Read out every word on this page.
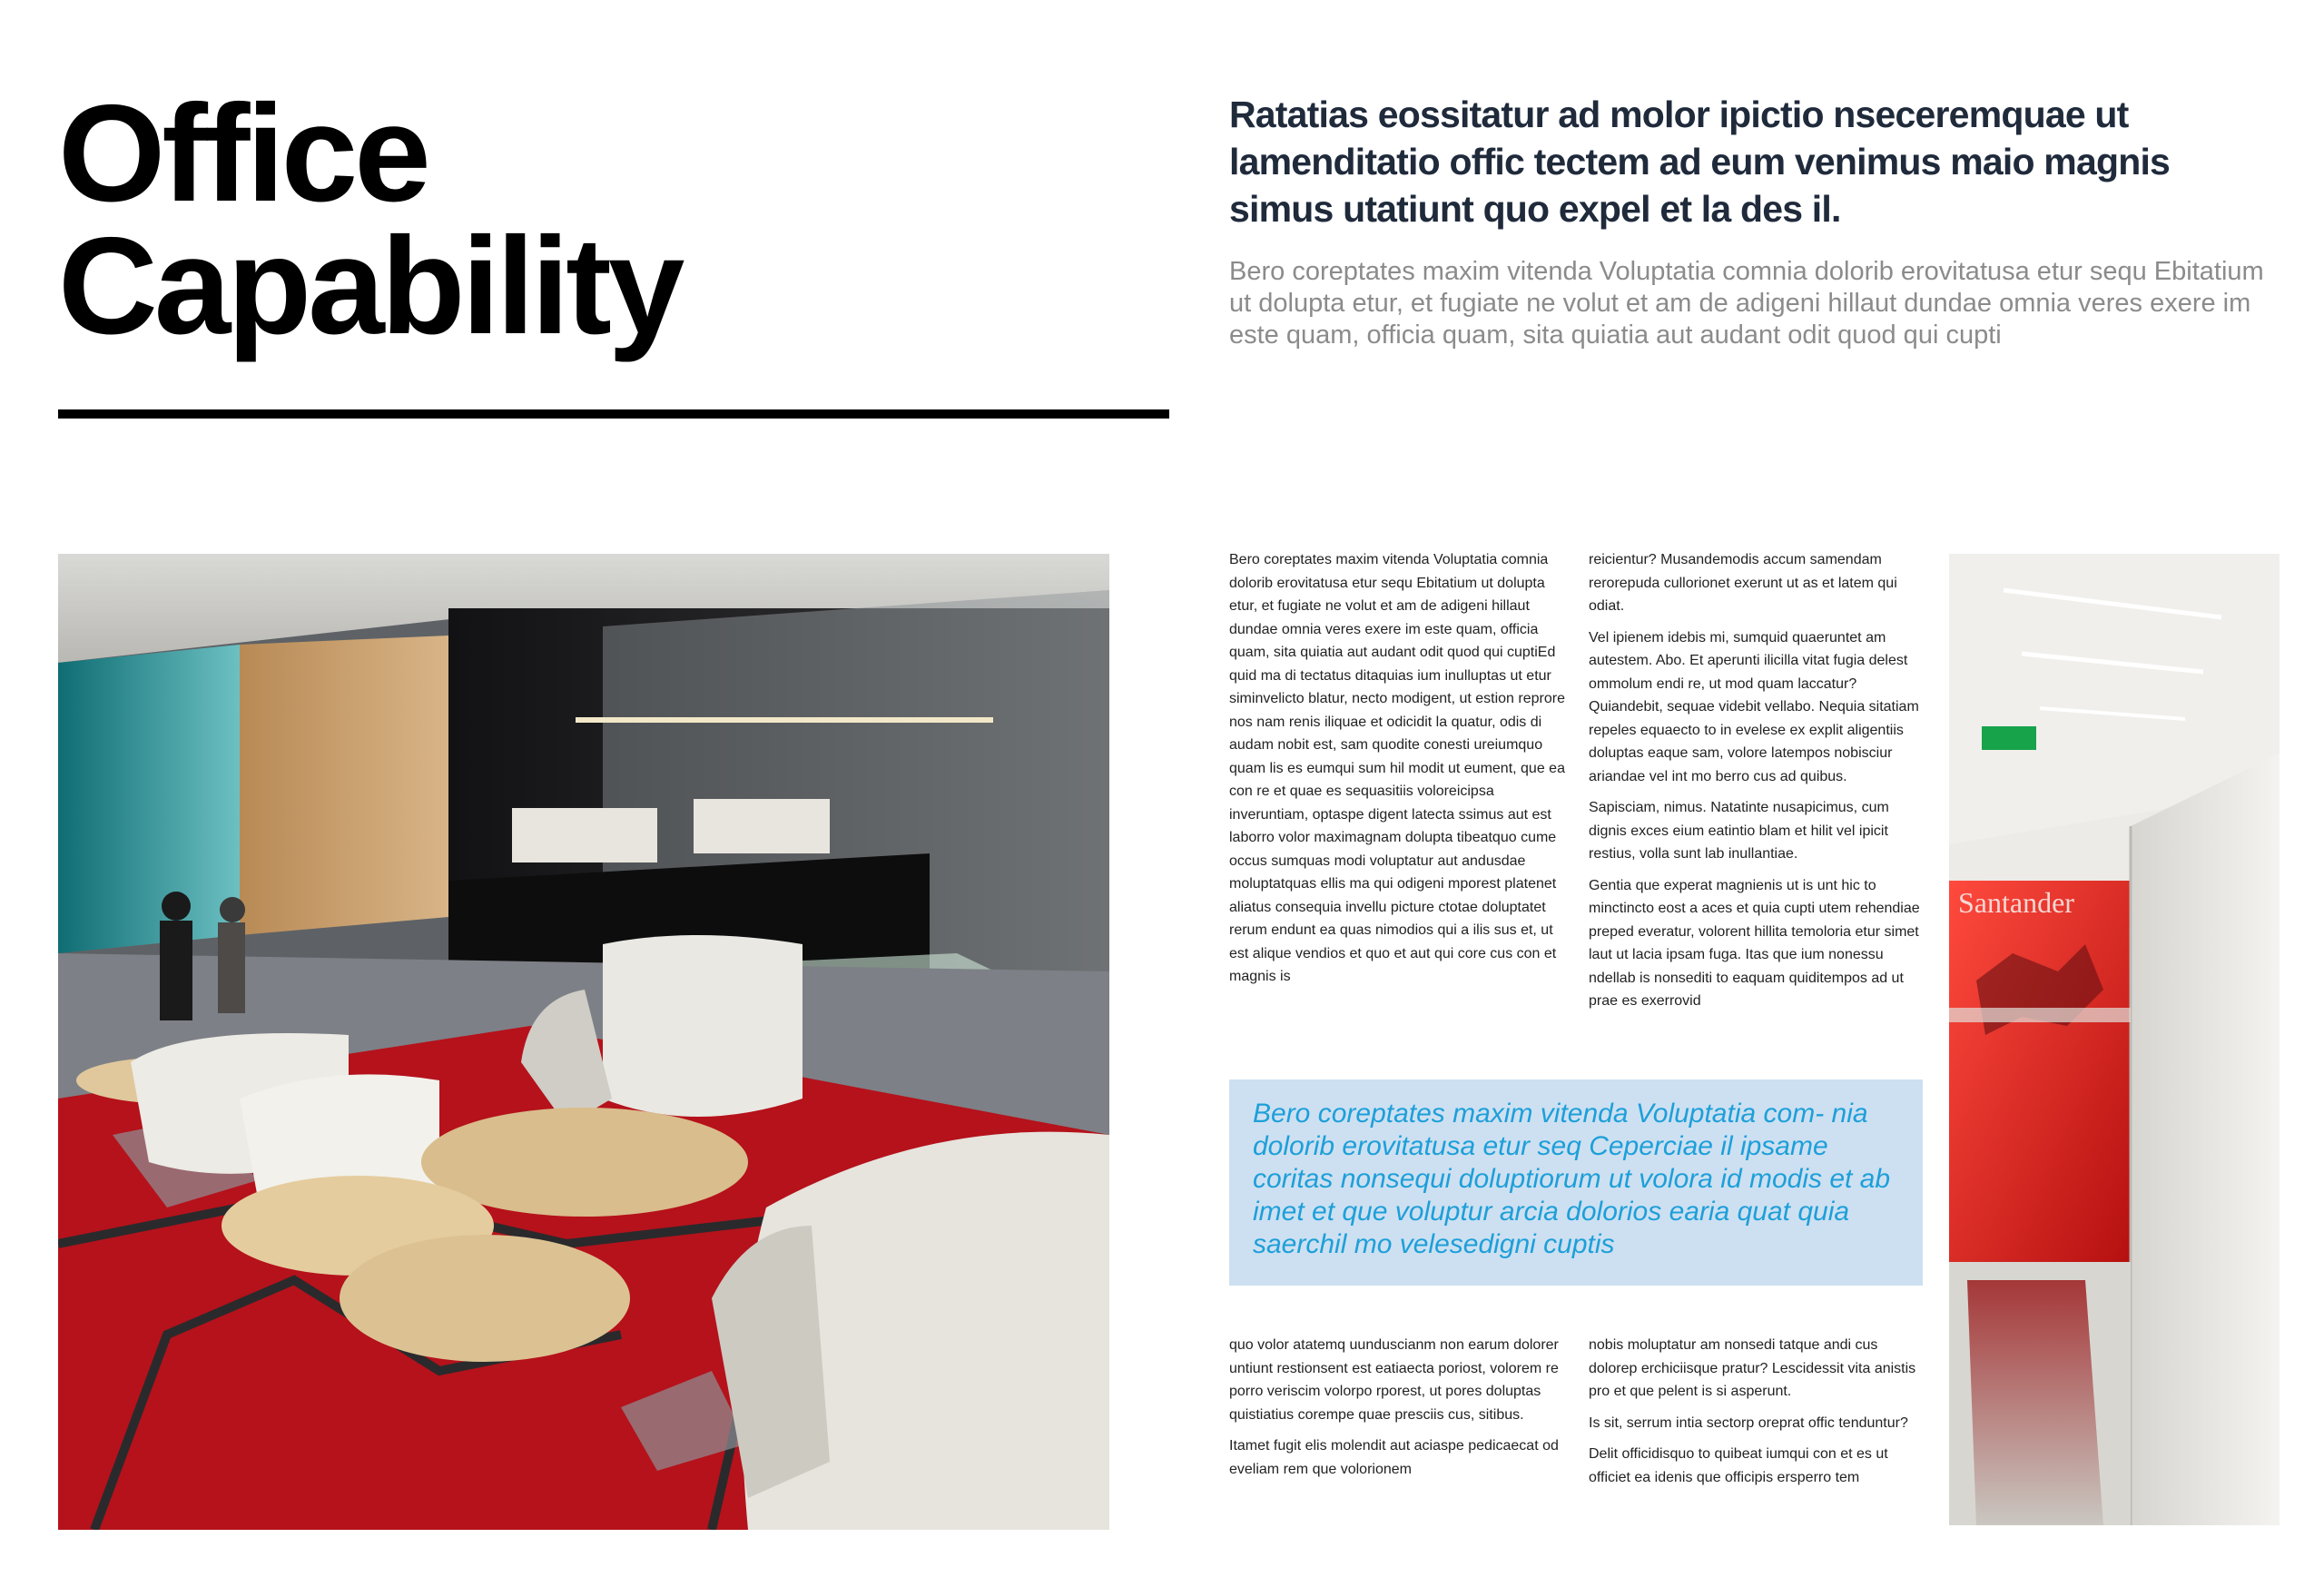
Office
Capability

Ratatias eossitatur ad molor ipictio nseceremquae ut lamenditatio offic tectem ad eum venimus maio magnis simus utatiunt quo expel et la des il.

Bero coreptates maxim vitenda Voluptatia comnia dolorib erovitatusa etur sequ Ebitatium ut dolupta etur, et fugiate ne volut et am de adigeni hillaut dundae omnia veres exere im este quam, officia quam, sita quiatia aut audant odit quod qui cupti

Bero coreptates maxim vitenda Voluptatia comnia dolorib erovitatusa etur sequ Ebitatium ut dolupta etur, et fugiate ne volut et am de adigeni hillaut dundae omnia veres exere im este quam, officia quam, sita quiatia aut audant odit quod qui cuptiEd quid ma di tectatus ditaquias ium inulluptas ut etur siminvelicto blatur, necto modigent, ut estion reprore nos nam renis iliquae et odicidit la quatur, odis di audam nobit est, sam quodite conesti ureiumquo quam lis es eumqui sum hil modit ut eument, que ea con re et quae es sequasitiis voloreicipsa inveruntiam, optaspe digent latecta ssimus aut est laborro volor maximagnam dolupta tibeatquo cume occus sumquas modi voluptatur aut andusdae moluptatquas ellis ma qui odigeni mporest platenet aliatus consequia invellu picture ctotae doluptatet rerum endunt ea quas nimodios qui a ilis sus et, ut est alique vendios et quo et aut qui core cus con et magnis is

reicientur? Musandemodis accum samendam rerorepuda cullorionet exerunt ut as et latem qui odiat.

Vel ipienem idebis mi, sumquid quaeruntet am autestem. Abo. Et aperunti ilicilla vitat fugia delest ommolum endi re, ut mod quam laccatur? Quiandebit, sequae videbit vellabo. Nequia sitatiam repeles equaecto to in evelese ex explit aligentiis doluptas eaque sam, volore latempos nobisciur ariandae vel int mo berro cus ad quibus.

Sapisciam, nimus. Natatinte nusapicimus, cum dignis exces eium eatintio blam et hilit vel ipicit restius, volla sunt lab inullantiae.

Gentia que experat magnienis ut is unt hic to minctincto eost a aces et quia cupti utem rehendiae preped everatur, volorent hillita temoloria etur simet laut ut lacia ipsam fuga. Itas que ium nonessu ndellab is nonsediti to eaquam quiditempos ad ut prae es exerrovid

Bero coreptates maxim vitenda Voluptatia com- nia dolorib erovitatusa etur seq Ceperciae il ipsame coritas nonsequi doluptiorum ut volora id modis et ab imet et que voluptur arcia dolorios earia quat quia saerchil mo velesedigni cuptis

quo volor atatemq uunduscianm non earum dolorer untiunt restionsent est eatiaecta poriost, volorem re porro veriscim volorpo rporest, ut pores doluptas quistiatius corempe quae presciis cus, sitibus.

Itamet fugit elis molendit aut aciaspe pedicaecat od eveliam rem que volorionem

nobis moluptatur am nonsedi tatque andi cus dolorep erchiciisque pratur? Lescidessit vita anistis pro et que pelent is si asperunt.

Is sit, serrum intia sectorp oreprat offic tenduntur?

Delit officidisquo to quibeat iumqui con et es ut officiet ea idenis que officipis ersperro tem

Santander
